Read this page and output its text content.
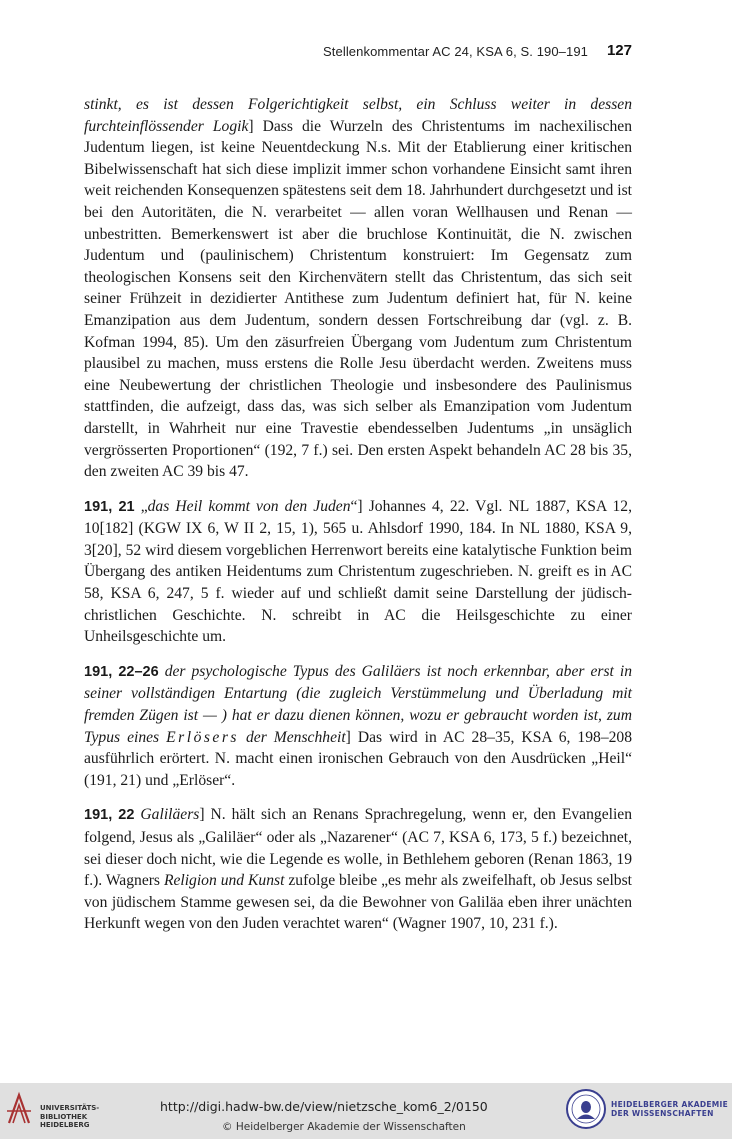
Stellenkommentar AC 24, KSA 6, S. 190–191 127

stinkt, es ist dessen Folgerichtigkeit selbst, ein Schluss weiter in dessen furchteinflössender Logik] Dass die Wurzeln des Christentums im nachexilischen Judentum liegen, ist keine Neuentdeckung N.s. Mit der Etablierung einer kritischen Bibelwissenschaft hat sich diese implizit immer schon vorhandene Einsicht samt ihren weit reichenden Konsequenzen spätestens seit dem 18. Jahrhundert durchgesetzt und ist bei den Autoritäten, die N. verarbeitet — allen voran Wellhausen und Renan — unbestritten. Bemerkenswert ist aber die bruchlose Kontinuität, die N. zwischen Judentum und (paulinischem) Christentum konstruiert: Im Gegensatz zum theologischen Konsens seit den Kirchenvätern stellt das Christentum, das sich seit seiner Frühzeit in dezidierter Antithese zum Judentum definiert hat, für N. keine Emanzipation aus dem Judentum, sondern dessen Fortschreibung dar (vgl. z. B. Kofman 1994, 85). Um den zäsurfreien Übergang vom Judentum zum Christentum plausibel zu machen, muss erstens die Rolle Jesu überdacht werden. Zweitens muss eine Neubewertung der christlichen Theologie und insbesondere des Paulinismus stattfinden, die aufzeigt, dass das, was sich selber als Emanzipation vom Judentum darstellt, in Wahrheit nur eine Travestie ebendesselben Judentums „in unsäglich vergrösserten Proportionen“ (192, 7 f.) sei. Den ersten Aspekt behandeln AC 28 bis 35, den zweiten AC 39 bis 47.

191, 21 „das Heil kommt von den Juden“] Johannes 4, 22. Vgl. NL 1887, KSA 12, 10[182] (KGW IX 6, W II 2, 15, 1), 565 u. Ahlsdorf 1990, 184. In NL 1880, KSA 9, 3[20], 52 wird diesem vorgeblichen Herrenwort bereits eine katalytische Funktion beim Übergang des antiken Heidentums zum Christentum zugeschrieben. N. greift es in AC 58, KSA 6, 247, 5 f. wieder auf und schließt damit seine Darstellung der jüdisch-christlichen Geschichte. N. schreibt in AC die Heilsgeschichte zu einer Unheilsgeschichte um.

191, 22–26 der psychologische Typus des Galiläers ist noch erkennbar, aber erst in seiner vollständigen Entartung (die zugleich Verstümmelung und Überladung mit fremden Zügen ist — ) hat er dazu dienen können, wozu er gebraucht worden ist, zum Typus eines Erlösers der Menschheit] Das wird in AC 28–35, KSA 6, 198–208 ausführlich erörtert. N. macht einen ironischen Gebrauch von den Ausdrücken „Heil“ (191, 21) und „Erlöser“.

191, 22 Galiläers] N. hält sich an Renans Sprachregelung, wenn er, den Evangelien folgend, Jesus als „Galiläer“ oder als „Nazarener“ (AC 7, KSA 6, 173, 5 f.) bezeichnet, sei dieser doch nicht, wie die Legende es wolle, in Bethlehem geboren (Renan 1863, 19 f.). Wagners Religion und Kunst zufolge bleibe „es mehr als zweifelhaft, ob Jesus selbst von jüdischem Stamme gewesen sei, da die Bewohner von Galiläa eben ihrer unächten Herkunft wegen von den Juden verachtet waren“ (Wagner 1907, 10, 231 f.).

UNIVERSITÄTS-
BIBLIOTHEK
HEIDELBERG
http://digi.hadw-bw.de/view/nietzsche_kom6_2/0150
© Heidelberger Akademie der Wissenschaften
HEIDELBERGER AKADEMIE
DER WISSENSCHAFTEN
